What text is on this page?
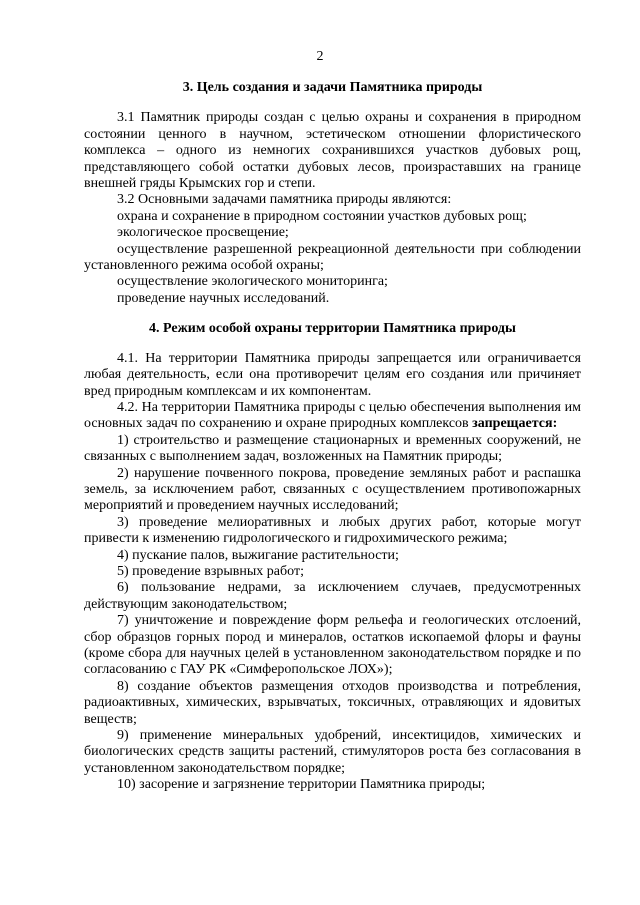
2
3. Цель создания и задачи Памятника природы

3.1 Памятник природы создан с целью охраны и сохранения в природном состоянии ценного в научном, эстетическом отношении флористического комплекса – одного из немногих сохранившихся участков дубовых рощ, представляющего собой остатки дубовых лесов, произраставших на границе внешней гряды Крымских гор и степи.

3.2 Основными задачами памятника природы являются:

охрана и сохранение в природном состоянии участков дубовых рощ;

экологическое просвещение;

осуществление разрешенной рекреационной деятельности при соблюдении установленного режима особой охраны;

осуществление экологического мониторинга;

проведение научных исследований.

4. Режим особой охраны территории Памятника природы

4.1. На территории Памятника природы запрещается или ограничивается любая деятельность, если она противоречит целям его создания или причиняет вред природным комплексам и их компонентам.

4.2. На территории Памятника природы с целью обеспечения выполнения им основных задач по сохранению и охране природных комплексов запрещается:

1) строительство и размещение стационарных и временных сооружений, не связанных с выполнением задач, возложенных на Памятник природы;

2) нарушение почвенного покрова, проведение земляных работ и распашка земель, за исключением работ, связанных с осуществлением противопожарных мероприятий и проведением научных исследований;

3) проведение мелиоративных и любых других работ, которые могут привести к изменению гидрологического и гидрохимического режима;

4) пускание палов, выжигание растительности;

5) проведение взрывных работ;

6) пользование недрами, за исключением случаев, предусмотренных действующим законодательством;

7) уничтожение и повреждение форм рельефа и геологических отслоений, сбор образцов горных пород и минералов, остатков ископаемой флоры и фауны (кроме сбора для научных целей в установленном законодательством порядке и по согласованию с ГАУ РК «Симферопольское ЛОХ»);

8) создание объектов размещения отходов производства и потребления, радиоактивных, химических, взрывчатых, токсичных, отравляющих и ядовитых веществ;

9) применение минеральных удобрений, инсектицидов, химических и биологических средств защиты растений, стимуляторов роста без согласования в установленном законодательством порядке;

10) засорение и загрязнение территории Памятника природы;
